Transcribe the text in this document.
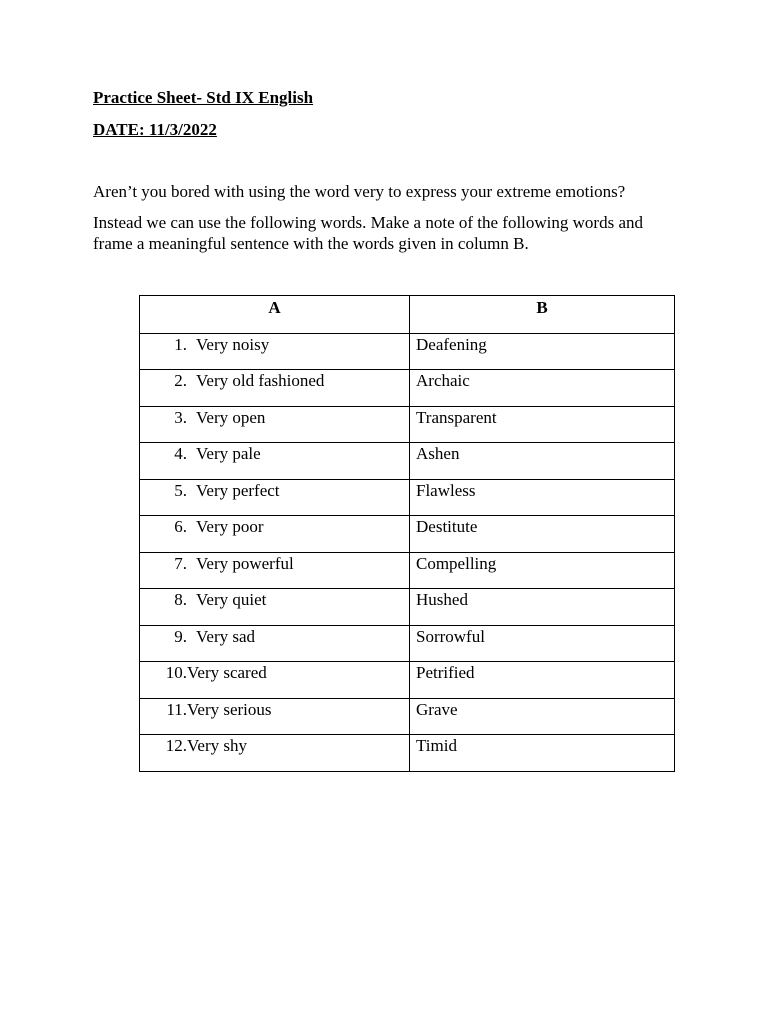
Practice Sheet- Std IX English

DATE: 11/3/2022

Aren’t you bored with using the word very to express your extreme emotions?

Instead we can use the following words. Make a note of the following words and frame a meaningful sentence with the words given in column B.

A	B
1. Very noisy	Deafening
2. Very old fashioned	Archaic
3. Very open	Transparent
4. Very pale	Ashen
5. Very perfect	Flawless
6. Very poor	Destitute
7. Very powerful	Compelling
8. Very quiet	Hushed
9. Very sad	Sorrowful
10.Very scared	Petrified
11.Very serious	Grave
12.Very shy	Timid
